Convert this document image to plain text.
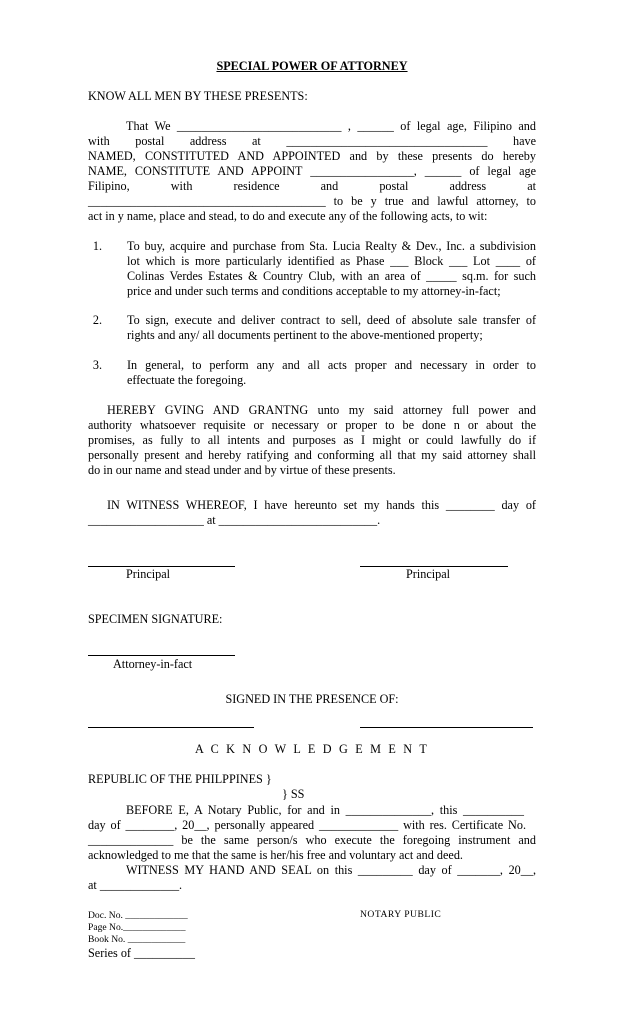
SPECIAL POWER OF ATTORNEY
KNOW ALL MEN BY THESE PRESENTS:
That We ___________________________ , ______ of legal age, Filipino and
with postal address at _________________________________ have
NAMED, CONSTITUTED AND APPOINTED and by these presents do hereby
NAME, CONSTITUTE AND APPOINT _________________, ______ of legal age
Filipino, with residence and postal address at
_______________________________________ to be y true and lawful attorney, to
act in y name, place and stead, to do and execute any of the following acts, to wit:
1. To buy, acquire and purchase from Sta. Lucia Realty & Dev., Inc. a subdivision
lot which is more particularly identified as Phase ___ Block ___ Lot ____ of
Colinas Verdes Estates & Country Club, with an area of _____ sq.m. for such
price and under such terms and conditions acceptable to my attorney-in-fact;
2. To sign, execute and deliver contract to sell, deed of absolute sale transfer of
rights and any/ all documents pertinent to the above-mentioned property;
3. In general, to perform any and all acts proper and necessary in order to
effectuate the foregoing.
HEREBY GVING AND GRANTNG unto my said attorney full power and
authority whatsoever requisite or necessary or proper to be done n or about the
promises, as fully to all intents and purposes as I might or could lawfully do if
personally present and hereby ratifying and conforming all that my said attorney shall
do in our name and stead under and by virtue of these presents.
IN WITNESS WHEREOF, I have hereunto set my hands this ________ day of
___________________ at __________________________.
Principal	Principal
SPECIMEN SIGNATURE:
Attorney-in-fact
SIGNED IN THE PRESENCE OF:
A C K N O W L E D G E M E N T
REPUBLIC OF THE PHILPPINES }
} SS
BEFORE E, A Notary Public, for and in ______________, this __________
day of ________, 20__, personally appeared _____________ with res. Certificate No.
______________ be the same person/s who execute the foregoing instrument and
acknowledged to me that the same is her/his free and voluntary act and deed.
WITNESS MY HAND AND SEAL on this _________ day of _______, 20__,
at _____________.
Doc. No. _____________
Page No._____________
Book No. ____________
Series of __________
NOTARY PUBLIC
